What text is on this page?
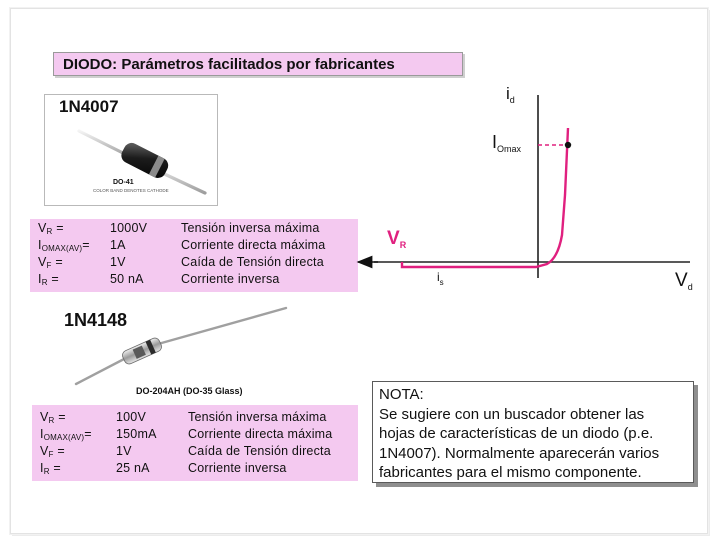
DIODO: Parámetros facilitados por fabricantes
1N4007
DO-41
COLOR BAND DENOTES CATHODE
$V_R$ =
$I_{OMAX(AV)}=$
$V_F$ =
$I_R$ =
1000V
1A
1V
50 nA
Tensión inversa máxima
Corriente directa máxima
Caída de Tensión directa
Corriente inversa
1N4148
DO-204AH (DO-35 Glass)
$V_R$ =
$I_{OMAX(AV)}=$
$V_F$ =
$I_R$ =
100V
150mA
1V
25 nA
Tensión inversa máxima
Corriente directa máxima
Caída de Tensión directa
Corriente inversa
$i_d$
$I_{Omax}$
$V_R$
$i_s$	$V_d$
NOTA:
Se sugiere con un buscador obtener las
hojas de características de un diodo (p.e.
1N4007). Normalmente aparecerán varios
fabricantes para el mismo componente.
